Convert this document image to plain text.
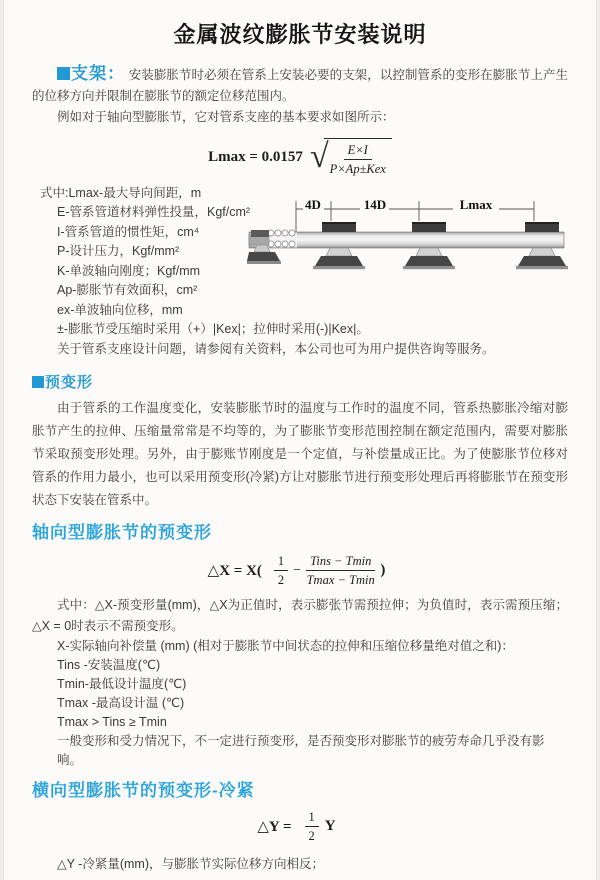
金属波纹膨胀节安装说明

支架： 安装膨胀节时必须在管系上安装必要的支架，以控制管系的变形在膨胀节上产生的位移方向并限制在膨胀节的额定位移范围内。

例如对于轴向型膨胀节，它对管系支座的基本要求如图所示：

Lmax = 0.0157 √ $\frac{E\times I}{\text{P×Ap±Kex}}$
式中:Lmax-最大导向间距，m
E-管系管道材料弹性投量，Kgf/cm²
I-管系管道的惯性矩，cm⁴
P-设计压力，Kgf/mm²
K-单波轴向刚度；Kgf/mm
Ap-膨胀节有效面积，cm²
ex-单波轴向位移，mm
±-膨胀节受压缩时采用（+）|Kex|；拉伸时采用(-)|Kex|。
关于管系支座设计问题，请参阅有关资料，本公司也可为用户提供咨询等服务。
预变形

由于管系的工作温度变化，安装膨胀节时的温度与工作时的温度不同，管系热膨胀冷缩对膨胀节产生的拉伸、压缩量常常是不均等的，为了膨胀节变形范围控制在额定范围内，需要对膨胀节采取预变形处理。另外，由于膨账节刚度是一个定值，与补偿量成正比。为了使膨胀节位移对管系的作用力最小，也可以采用预变形(冷紧)方让对膨胀节进行预变形处理后再将膨胀节在预变形状态下安装在管系中。

轴向型膨胀节的预变形
△X = $X( \frac{1}{2} - \frac{\text{Tins − Tmin}}{Tmax - Tmin}$ )

式中：△X-预变形量(mm)，△X为正值时，表示膨张节需预拉伸；为负值时，表示需预压缩；△X = 0时表示不需预变形。

X-实际轴向补偿量 (mm) (相对于膨胀节中间状态的拉伸和压缩位移量绝对值之和)：
Tins -安装温度(℃)
Tmin-最低设计温度(℃)
Tmax -最高设计温 (℃)
Tmax > Tins ≥ Tmin
一般变形和受力情况下，不一定进行预变形，是否预变形对膨胀节的疲劳寿命几乎没有影响。
横向型膨胀节的预变形-冷紧
△Y = $\frac{1}{2}$ Y
△Y -冷紧量(mm)，与膨胀节实际位移方向相反；
4D	14D	Lmax
